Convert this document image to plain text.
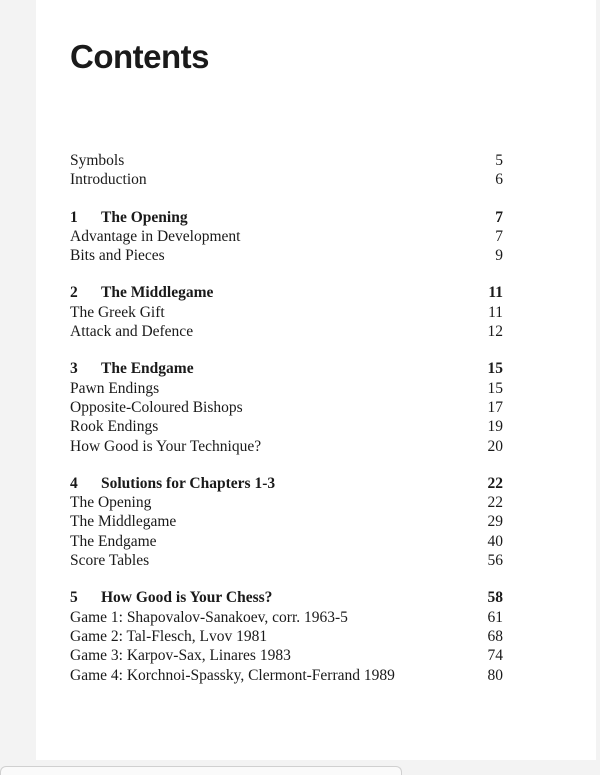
Contents
Symbols	5
Introduction	6
1 The Opening	7
Advantage in Development	7
Bits and Pieces	9
2 The Middlegame	11
The Greek Gift	11
Attack and Defence	12
3 The Endgame	15
Pawn Endings	15
Opposite-Coloured Bishops	17
Rook Endings	19
How Good is Your Technique?	20
4 Solutions for Chapters 1-3	22
The Opening	22
The Middlegame	29
The Endgame	40
Score Tables	56
5 How Good is Your Chess?	58
Game 1: Shapovalov-Sanakoev, corr. 1963-5	61
Game 2: Tal-Flesch, Lvov 1981	68
Game 3: Karpov-Sax, Linares 1983	74
Game 4: Korchnoi-Spassky, Clermont-Ferrand 1989	80
